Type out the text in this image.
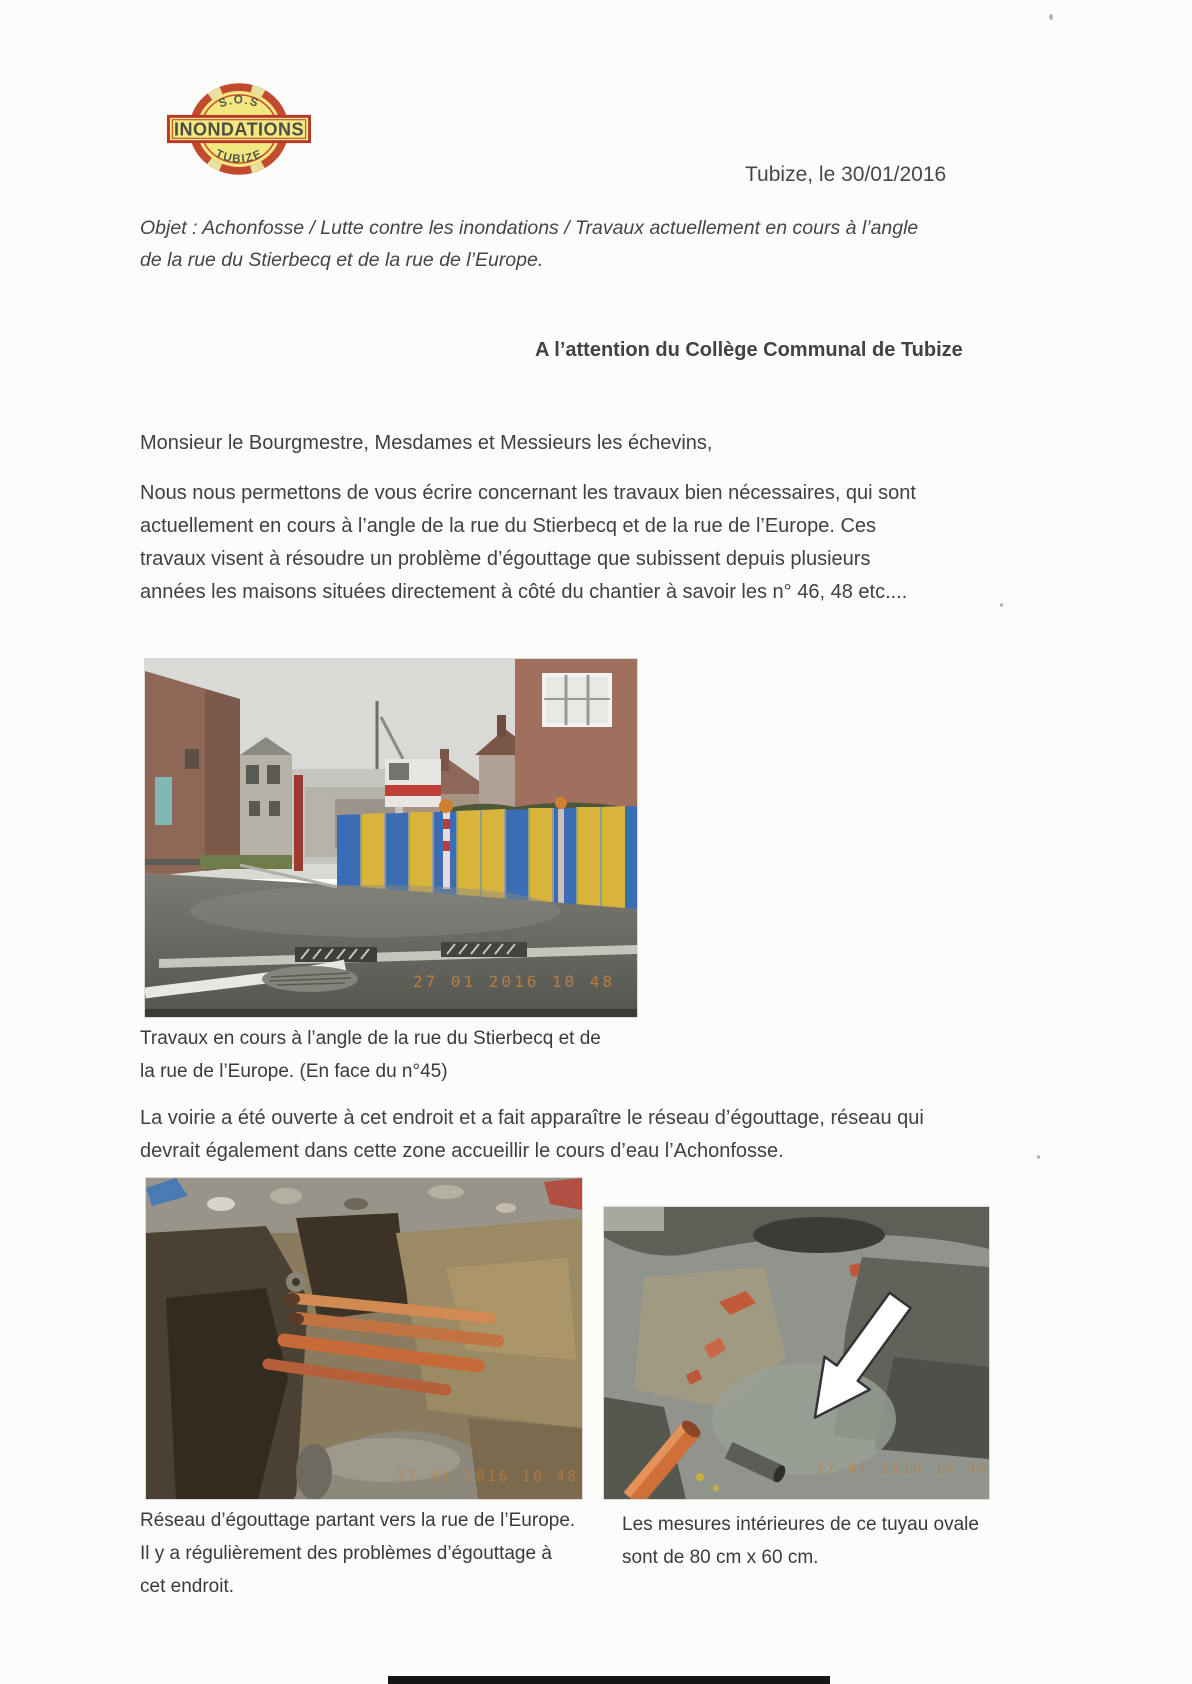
S.O.S
INONDATIONS
TUBIZE
Tubize, le 30/01/2016
Objet : Achonfosse / Lutte contre les inondations / Travaux actuellement en cours à l’angle de la rue du Stierbecq et de la rue de l’Europe.
A l’attention du Collège Communal de Tubize
Monsieur le Bourgmestre, Mesdames et Messieurs les échevins,
Nous nous permettons de vous écrire concernant les travaux bien nécessaires, qui sont actuellement en cours à l’angle de la rue du Stierbecq et de la rue de l’Europe. Ces travaux visent à résoudre un problème d’égouttage que subissent depuis plusieurs années les maisons situées directement à côté du chantier à savoir les n° 46, 48 etc....
27 01 2016 10 48
Travaux en cours à l’angle de la rue du Stierbecq et de la rue de l’Europe. (En face du n°45)
La voirie a été ouverte à cet endroit et a fait apparaître le réseau d’égouttage, réseau qui devrait également dans cette zone accueillir le cours d’eau l’Achonfosse.
27 01 2016 10 48	27 01 2016 10 48
Réseau d’égouttage partant vers la rue de l’Europe. Il y a régulièrement des problèmes d’égouttage à cet endroit.
Les mesures intérieures de ce tuyau ovale sont de 80 cm x 60 cm.
